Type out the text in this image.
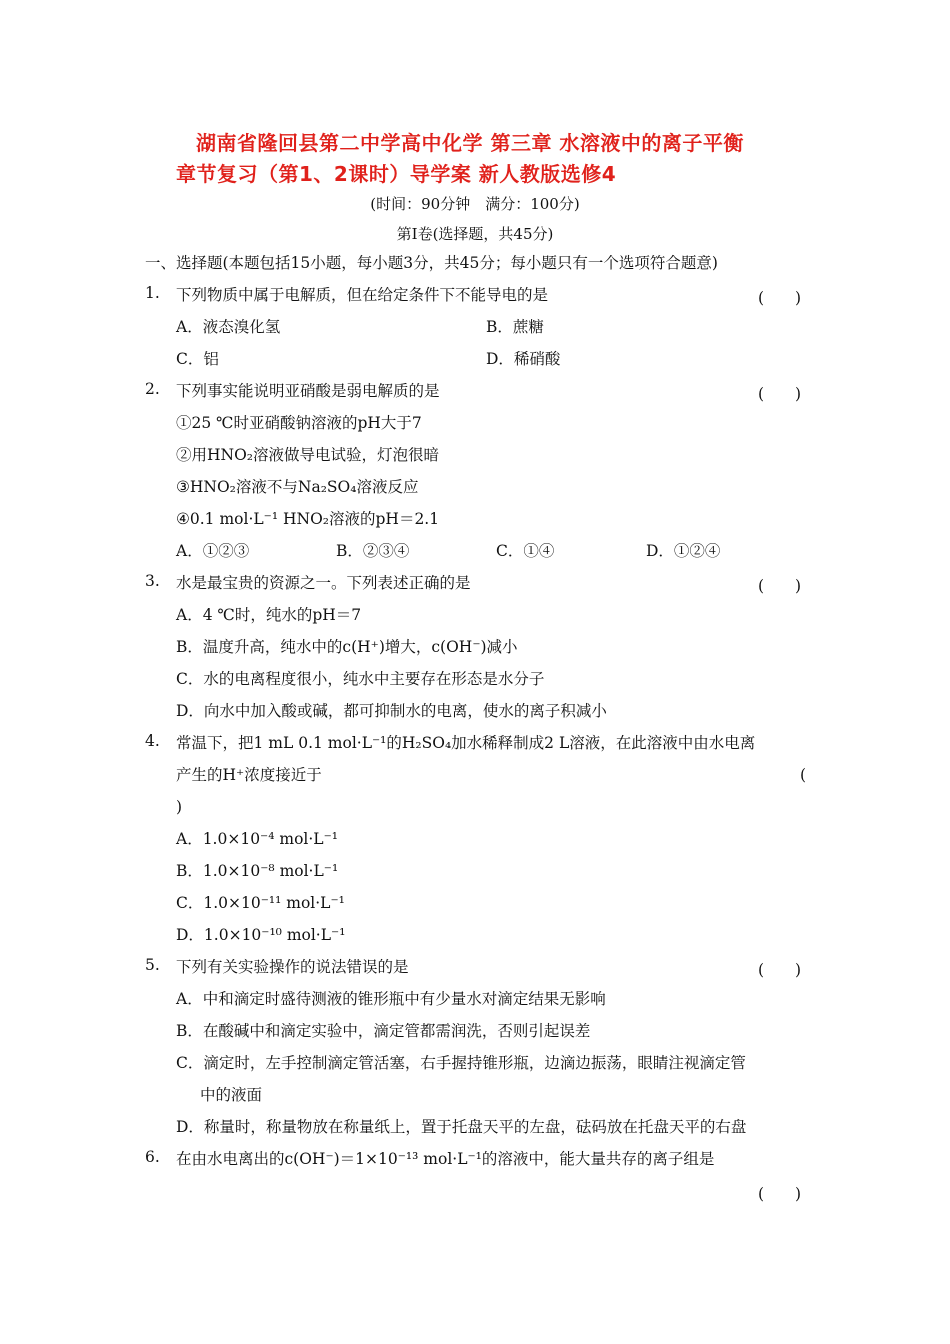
湖南省隆回县第二中学高中化学 第三章 水溶液中的离子平衡
章节复习（第1、2课时）导学案 新人教版选修4
(时间：90分钟　满分：100分)
第Ⅰ卷(选择题，共45分)
一、选择题(本题包括15小题，每小题3分，共45分；每小题只有一个选项符合题意)
1. 下列物质中属于电解质，但在给定条件下不能导电的是	(　　)
A．液态溴化氢	B．蔗糖
C．铝	D．稀硝酸
2. 下列事实能说明亚硝酸是弱电解质的是	(　　)
①25 ℃时亚硝酸钠溶液的pH大于7
②用HNO₂溶液做导电试验，灯泡很暗
③HNO₂溶液不与Na₂SO₄溶液反应
④0.1 mol·L⁻¹ HNO₂溶液的pH＝2.1
A．①②③	B．②③④	C．①④	D．①②④
3. 水是最宝贵的资源之一。下列表述正确的是	(　　)
A．4 ℃时，纯水的pH＝7
B．温度升高，纯水中的c(H⁺)增大，c(OH⁻)减小
C．水的电离程度很小，纯水中主要存在形态是水分子
D．向水中加入酸或碱，都可抑制水的电离，使水的离子积减小
4. 常温下，把1 mL 0.1 mol·L⁻¹的H₂SO₄加水稀释制成2 L溶液，在此溶液中由水电离
产生的H⁺浓度接近于	(
)
A．1.0×10⁻⁴ mol·L⁻¹
B．1.0×10⁻⁸ mol·L⁻¹
C．1.0×10⁻¹¹ mol·L⁻¹
D．1.0×10⁻¹⁰ mol·L⁻¹
5. 下列有关实验操作的说法错误的是	(　　)
A．中和滴定时盛待测液的锥形瓶中有少量水对滴定结果无影响
B．在酸碱中和滴定实验中，滴定管都需润洗，否则引起误差
C．滴定时，左手控制滴定管活塞，右手握持锥形瓶，边滴边振荡，眼睛注视滴定管
中的液面
D．称量时，称量物放在称量纸上，置于托盘天平的左盘，砝码放在托盘天平的右盘
6. 在由水电离出的c(OH⁻)＝1×10⁻¹³ mol·L⁻¹的溶液中，能大量共存的离子组是
(　　)
